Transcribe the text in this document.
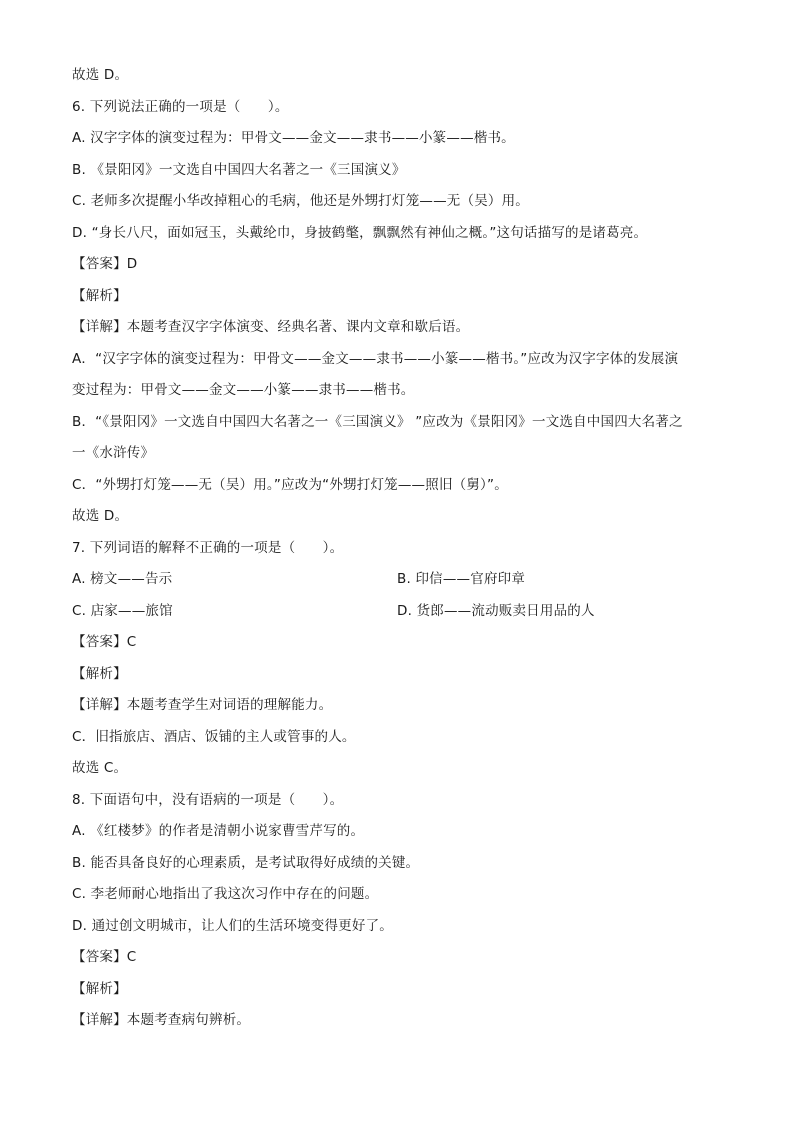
故选 D。
6. 下列说法正确的一项是（　　）。
A. 汉字字体的演变过程为：甲骨文——金文——隶书——小篆——楷书。
B. 《景阳冈》一文选自中国四大名著之一《三国演义》
C. 老师多次提醒小华改掉粗心的毛病，他还是外甥打灯笼——无（吴）用。
D. “身长八尺，面如冠玉，头戴纶巾，身披鹤氅，飘飘然有神仙之概。”这句话描写的是诸葛亮。
【答案】D
【解析】
【详解】本题考查汉字字体演变、经典名著、课内文章和歇后语。
A．“汉字字体的演变过程为：甲骨文——金文——隶书——小篆——楷书。”应改为汉字字体的发展演
变过程为：甲骨文——金文——小篆——隶书——楷书。
B．“《景阳冈》一文选自中国四大名著之一《三国演义》 ”应改为《景阳冈》一文选自中国四大名著之
一《水浒传》
C．“外甥打灯笼——无（吴）用。”应改为“外甥打灯笼——照旧（舅）”。
故选 D。
7. 下列词语的解释不正确的一项是（　　）。
A. 榜文——告示	B. 印信——官府印章
C. 店家——旅馆	D. 货郎——流动贩卖日用品的人
【答案】C
【解析】
【详解】本题考查学生对词语的理解能力。
C．旧指旅店、酒店、饭铺的主人或管事的人。
故选 C。
8. 下面语句中，没有语病的一项是（　　）。
A. 《红楼梦》的作者是清朝小说家曹雪芹写的。
B. 能否具备良好的心理素质，是考试取得好成绩的关键。
C. 李老师耐心地指出了我这次习作中存在的问题。
D. 通过创文明城市，让人们的生活环境变得更好了。
【答案】C
【解析】
【详解】本题考查病句辨析。
